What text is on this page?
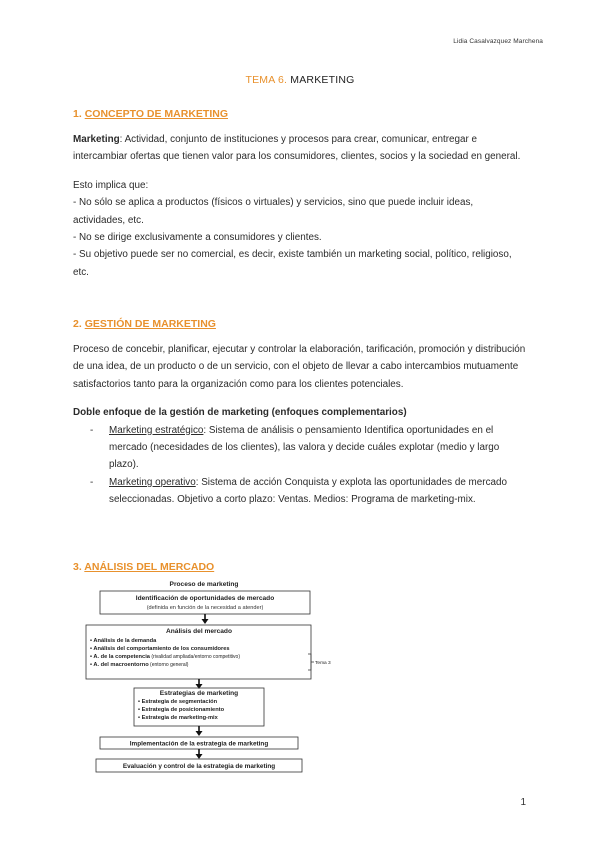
Lidia Casalvazquez Marchena
TEMA 6. MARKETING
1. CONCEPTO DE MARKETING

Marketing: Actividad, conjunto de instituciones y procesos para crear, comunicar, entregar e intercambiar ofertas que tienen valor para los consumidores, clientes, socios y la sociedad en general.

Esto implica que:

- No sólo se aplica a productos (físicos o virtuales) y servicios, sino que puede incluir ideas, actividades, etc.

- No se dirige exclusivamente a consumidores y clientes.

- Su objetivo puede ser no comercial, es decir, existe también un marketing social, político, religioso, etc.

2. GESTIÓN DE MARKETING

Proceso de concebir, planificar, ejecutar y controlar la elaboración, tarificación, promoción y distribución de una idea, de un producto o de un servicio, con el objeto de llevar a cabo intercambios mutuamente satisfactorios tanto para la organización como para los clientes potenciales.

Doble enfoque de la gestión de marketing (enfoques complementarios)

- Marketing estratégico: Sistema de análisis o pensamiento Identifica oportunidades en el mercado (necesidades de los clientes), las valora y decide cuáles explotar (medio y largo plazo).
- Marketing operativo: Sistema de acción Conquista y explota las oportunidades de mercado seleccionadas. Objetivo a corto plazo: Ventas. Medios: Programa de marketing-mix.
3. ANÁLISIS DEL MERCADO
Proceso de marketing
Identificación de oportunidades de mercado
(definida en función de la necesidad a atender)
Análisis del mercado
• Análisis de la demanda
• Análisis del comportamiento de los consumidores
• A. de la competencia (rivalidad ampliada/entorno competitivo)
• A. del macroentorno (entorno general)	Tema 3
Estrategias de marketing
• Estrategia de segmentación
• Estrategia de posicionamiento
• Estrategia de marketing-mix
Implementación de la estrategia de marketing
Evaluación y control de la estrategia de marketing
1
